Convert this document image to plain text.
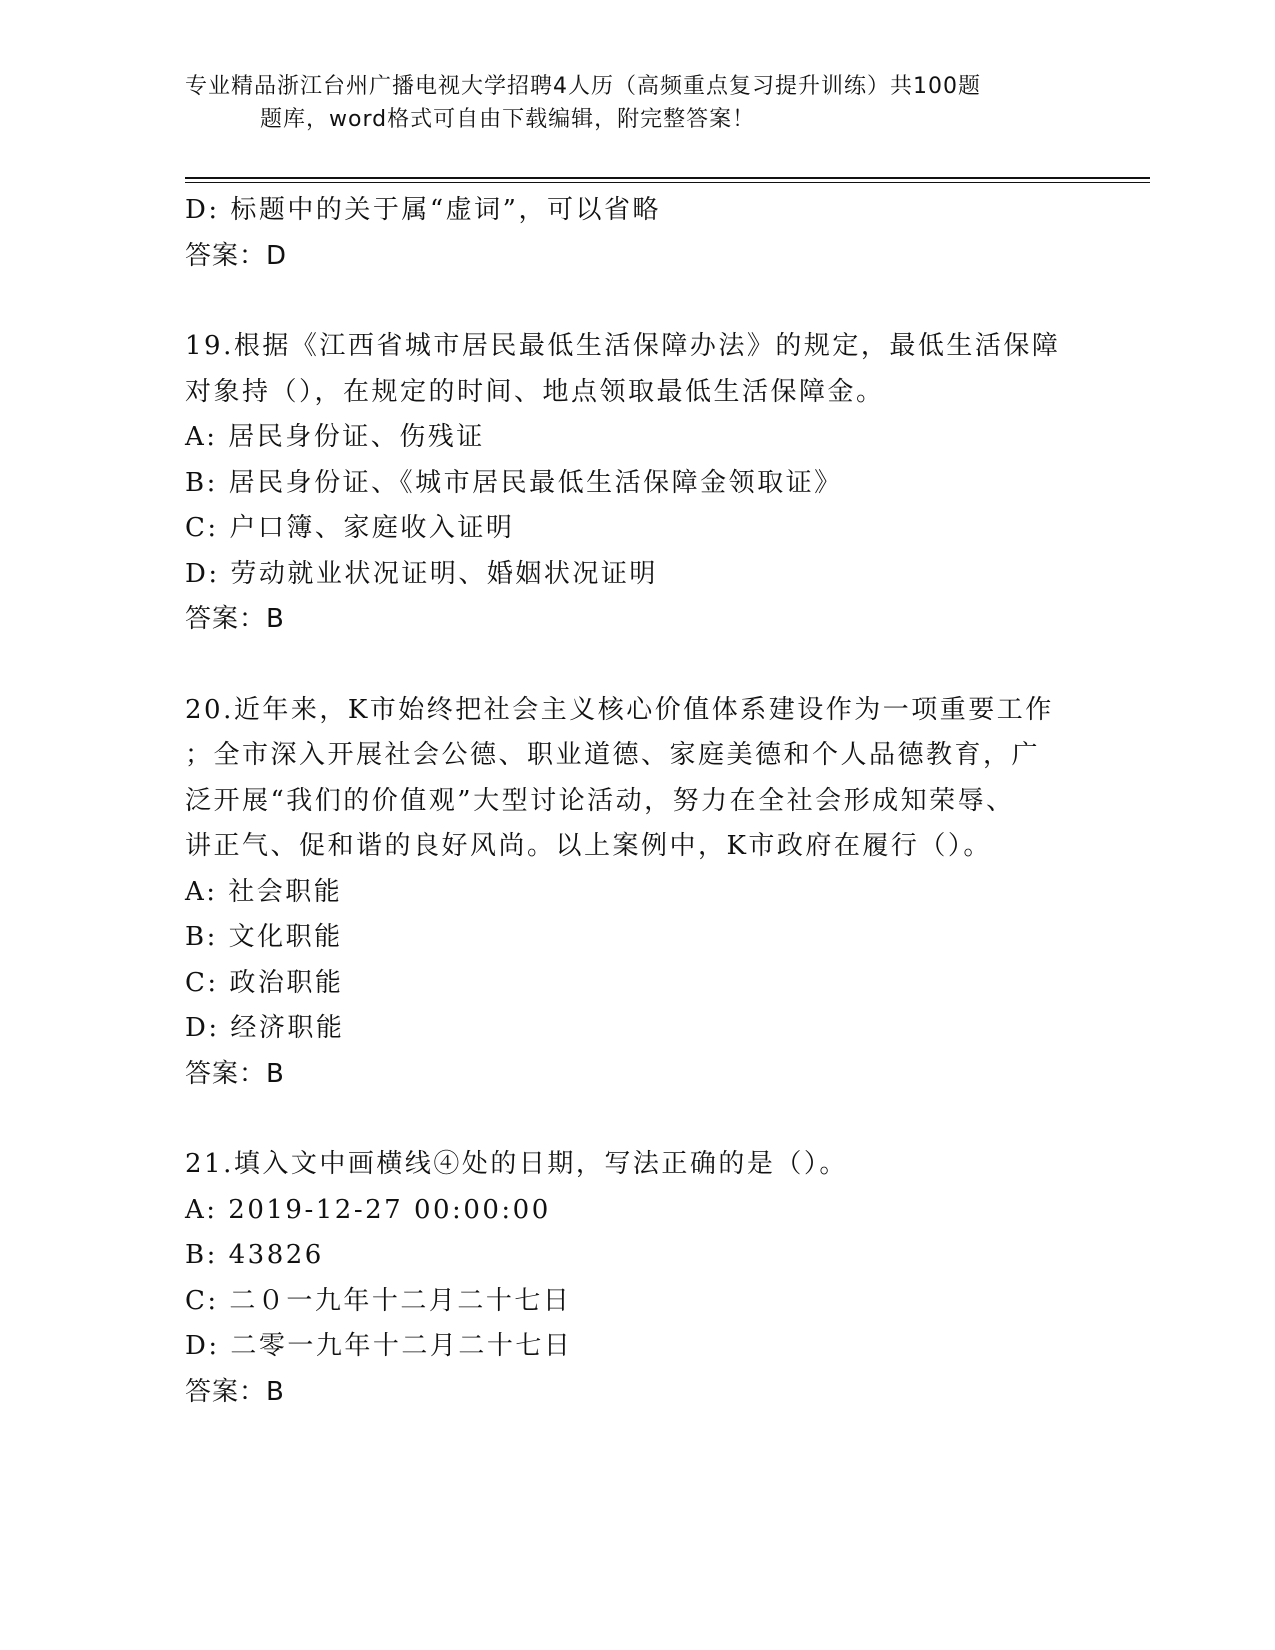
专业精品浙江台州广播电视大学招聘4人历（高频重点复习提升训练）共100题
题库，word格式可自由下载编辑，附完整答案！
D: 标题中的关于属“虚词”，可以省略
答案：D
19.根据《江西省城市居民最低生活保障办法》的规定，最低生活保障
对象持（），在规定的时间、地点领取最低生活保障金。
A: 居民身份证、伤残证
B: 居民身份证、《城市居民最低生活保障金领取证》
C: 户口簿、家庭收入证明
D: 劳动就业状况证明、婚姻状况证明
答案：B
20.近年来，K市始终把社会主义核心价值体系建设作为一项重要工作
；全市深入开展社会公德、职业道德、家庭美德和个人品德教育，广
泛开展“我们的价值观”大型讨论活动，努力在全社会形成知荣辱、
讲正气、促和谐的良好风尚。以上案例中，K市政府在履行（）。
A: 社会职能
B: 文化职能
C: 政治职能
D: 经济职能
答案：B
21.填入文中画横线④处的日期，写法正确的是（）。
A: 2019-12-27 00:00:00
B: 43826
C: 二０一九年十二月二十七日
D: 二零一九年十二月二十七日
答案：B
